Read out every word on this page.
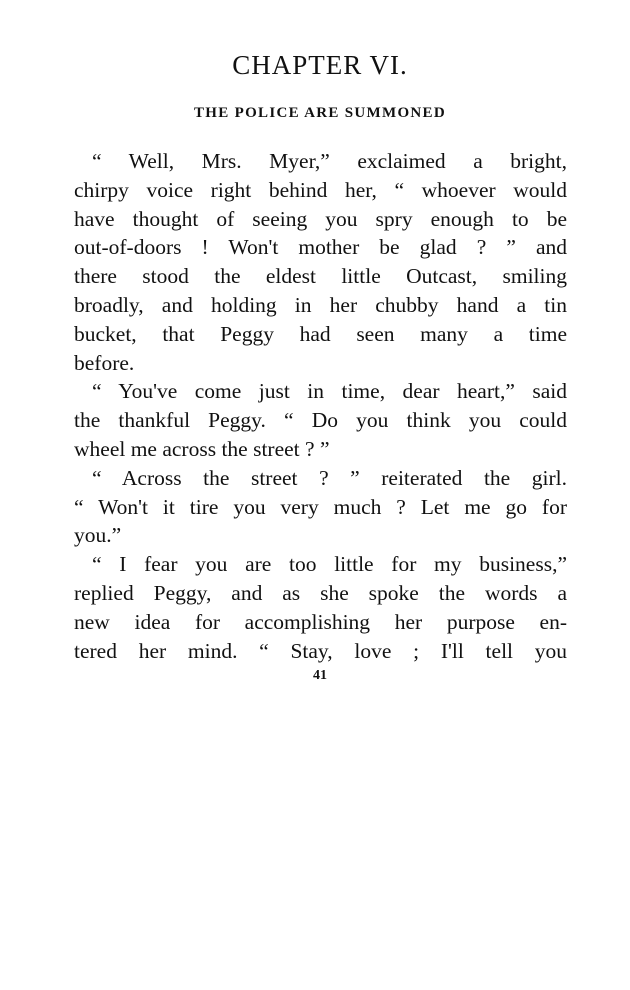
CHAPTER VI.
THE POLICE ARE SUMMONED
“ Well, Mrs. Myer,” exclaimed a bright,
chirpy voice right behind her, “ whoever would
have thought of seeing you spry enough to be
out-of-doors ! Won't mother be glad ? ” and
there stood the eldest little Outcast, smiling
broadly, and holding in her chubby hand a tin
bucket, that Peggy had seen many a time
before.
“ You've come just in time, dear heart,” said
the thankful Peggy. “ Do you think you could
wheel me across the street ? ”
“ Across the street ? ” reiterated the girl.
“ Won't it tire you very much ? Let me go for
you.”
“ I fear you are too little for my business,”
replied Peggy, and as she spoke the words a
new idea for accomplishing her purpose en-
tered her mind. “ Stay, love ; I'll tell you
41
